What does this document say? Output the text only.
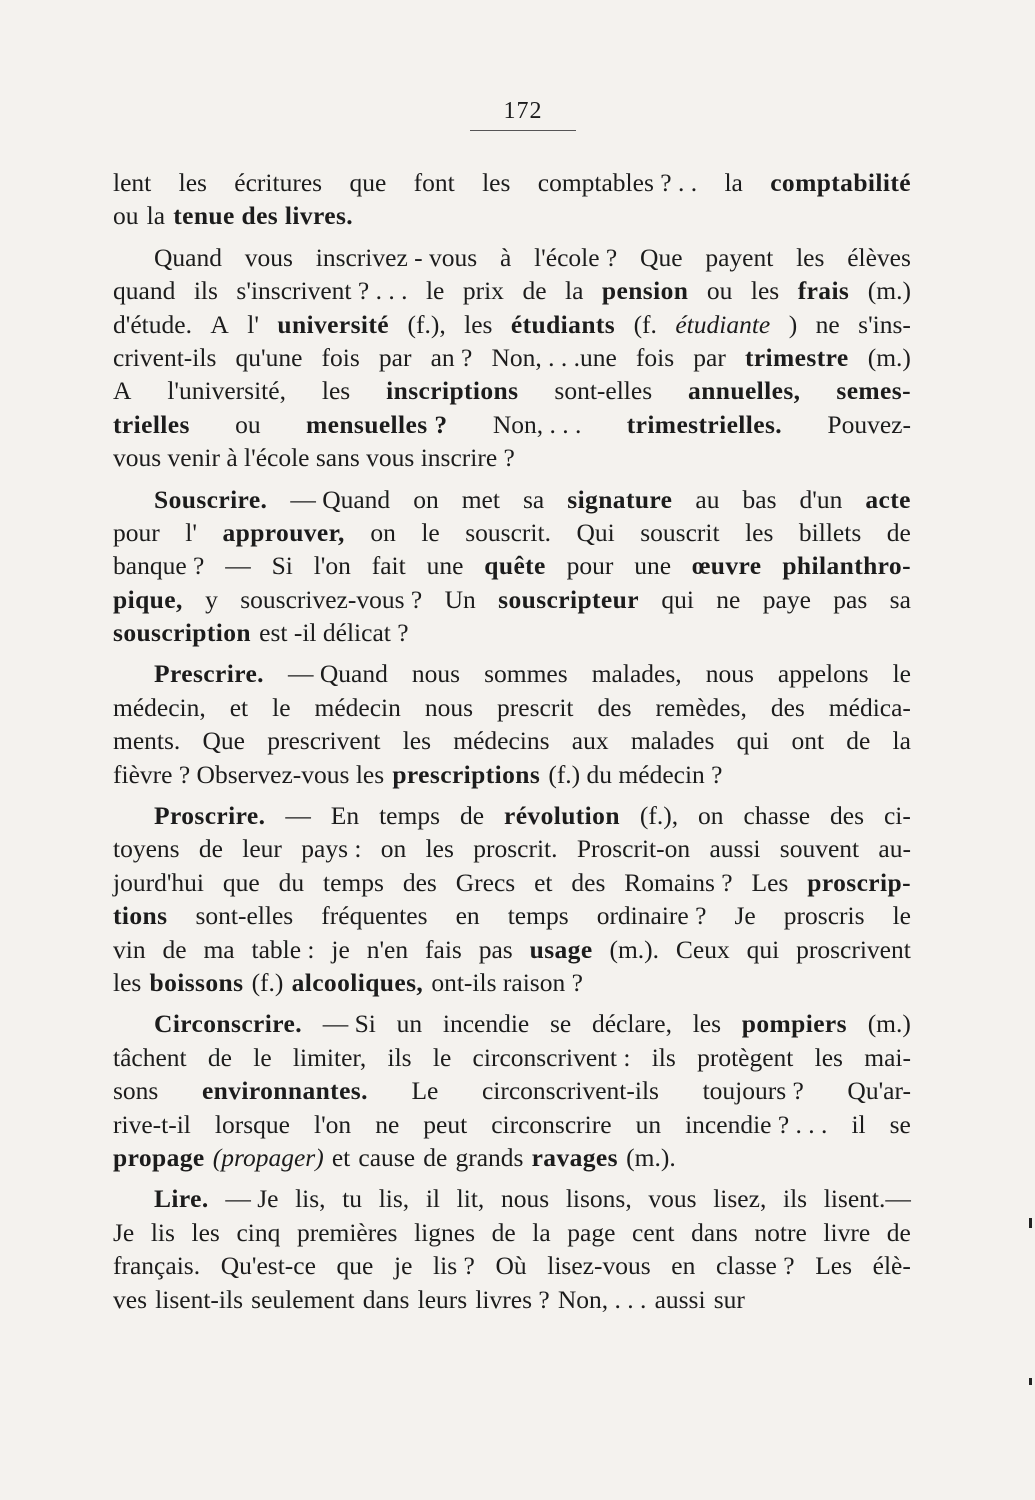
172
lent les écritures que font les comptables ? . . la comptabilité
ou la tenue des livres.
Quand vous inscrivez - vous à l'école ? Que payent les élèves
quand ils s'inscrivent ? . . . le prix de la pension ou les frais (m.)
d'étude. A l' université (f.), les étudiants (f. étudiante ) ne s'ins-
crivent-ils qu'une fois par an ? Non, . . .une fois par trimestre (m.)
A l'université, les inscriptions sont-elles annuelles, semes-
trielles ou mensuelles ? Non, . . . trimestrielles. Pouvez-
vous venir à l'école sans vous inscrire ?
Souscrire. — Quand on met sa signature au bas d'un acte
pour l' approuver, on le souscrit. Qui souscrit les billets de
banque ? — Si l'on fait une quête pour une œuvre philanthro-
pique, y souscrivez-vous ? Un souscripteur qui ne paye pas sa
souscription est -il délicat ?
Prescrire. — Quand nous sommes malades, nous appelons le
médecin, et le médecin nous prescrit des remèdes, des médica-
ments. Que prescrivent les médecins aux malades qui ont de la
fièvre ? Observez-vous les prescriptions (f.) du médecin ?
Proscrire. — En temps de révolution (f.), on chasse des ci-
toyens de leur pays : on les proscrit. Proscrit-on aussi souvent au-
jourd'hui que du temps des Grecs et des Romains ? Les proscrip-
tions sont-elles fréquentes en temps ordinaire ? Je proscris le
vin de ma table : je n'en fais pas usage (m.). Ceux qui proscrivent
les boissons (f.) alcooliques, ont-ils raison ?
Circonscrire. — Si un incendie se déclare, les pompiers (m.)
tâchent de le limiter, ils le circonscrivent : ils protègent les mai-
sons environnantes. Le circonscrivent-ils toujours ? Qu'ar-
rive-t-il lorsque l'on ne peut circonscrire un incendie ? . . . il se
propage (propager) et cause de grands ravages (m.).
Lire. — Je lis, tu lis, il lit, nous lisons, vous lisez, ils lisent.—
Je lis les cinq premières lignes de la page cent dans notre livre de
français. Qu'est-ce que je lis ? Où lisez-vous en classe ? Les élè-
ves lisent-ils seulement dans leurs livres ? Non, . . . aussi sur
